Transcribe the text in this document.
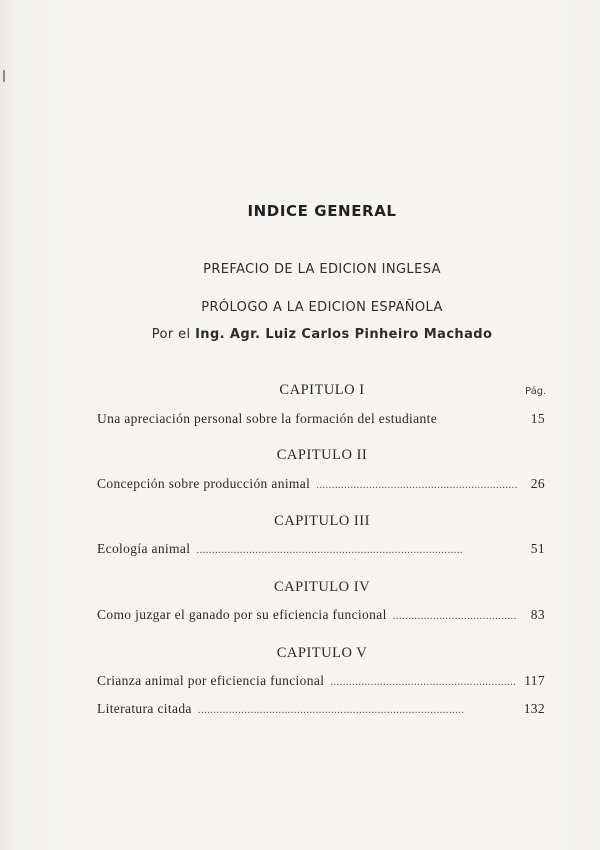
INDICE GENERAL
PREFACIO DE LA EDICION INGLESA
PRÓLOGO A LA EDICION ESPAÑOLA
Por el Ing. Agr. Luiz Carlos Pinheiro Machado
Pág.
CAPITULO I
Una apreciación personal sobre la formación del estudiante	15
CAPITULO II
Concepción sobre producción animal . . .	26
CAPITULO III
Ecología animal . . .	51
CAPITULO IV
Como juzgar el ganado por su eficiencia funcional . . .	83
CAPITULO V
Crianza animal por eficiencia funcional . . .	117
Literatura citada . . .	132
